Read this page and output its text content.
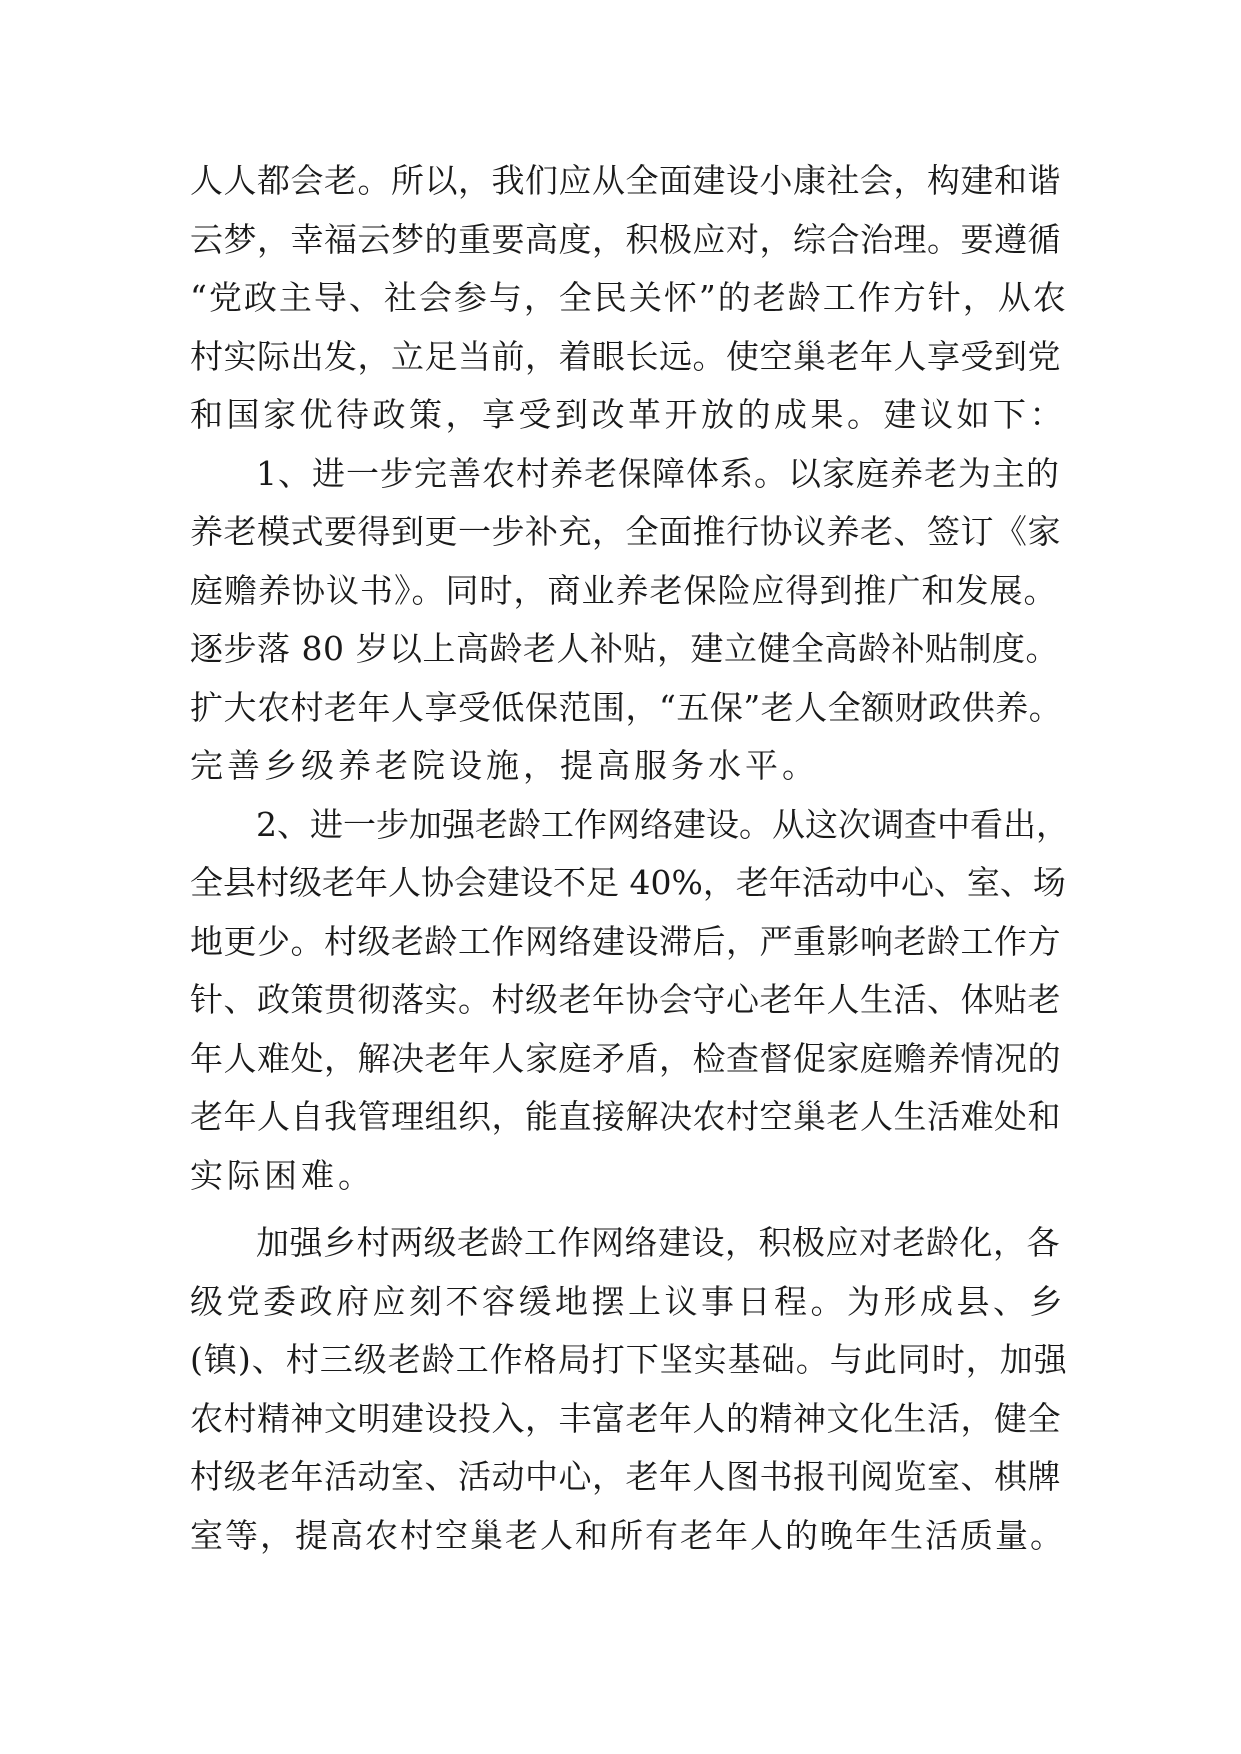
人人都会老。所以，我们应从全面建设小康社会，构建和谐
云梦，幸福云梦的重要高度，积极应对，综合治理。要遵循
“党政主导、社会参与，全民关怀”的老龄工作方针，从农
村实际出发，立足当前，着眼长远。使空巢老年人享受到党
和国家优待政策，享受到改革开放的成果。建议如下：
1、进一步完善农村养老保障体系。以家庭养老为主的
养老模式要得到更一步补充，全面推行协议养老、签订《家
庭赡养协议书》。同时，商业养老保险应得到推广和发展。
逐步落 80 岁以上高龄老人补贴，建立健全高龄补贴制度。
扩大农村老年人享受低保范围，“五保”老人全额财政供养。
完善乡级养老院设施，提高服务水平。
2、进一步加强老龄工作网络建设。从这次调查中看出，
全县村级老年人协会建设不足 40%，老年活动中心、室、场
地更少。村级老龄工作网络建设滞后，严重影响老龄工作方
针、政策贯彻落实。村级老年协会守心老年人生活、体贴老
年人难处，解决老年人家庭矛盾，检查督促家庭赡养情况的
老年人自我管理组织，能直接解决农村空巢老人生活难处和
实际困难。
加强乡村两级老龄工作网络建设，积极应对老龄化，各
级党委政府应刻不容缓地摆上议事日程。为形成县、乡
(镇)、村三级老龄工作格局打下坚实基础。与此同时，加强
农村精神文明建设投入，丰富老年人的精神文化生活，健全
村级老年活动室、活动中心，老年人图书报刊阅览室、棋牌
室等，提高农村空巢老人和所有老年人的晚年生活质量。
